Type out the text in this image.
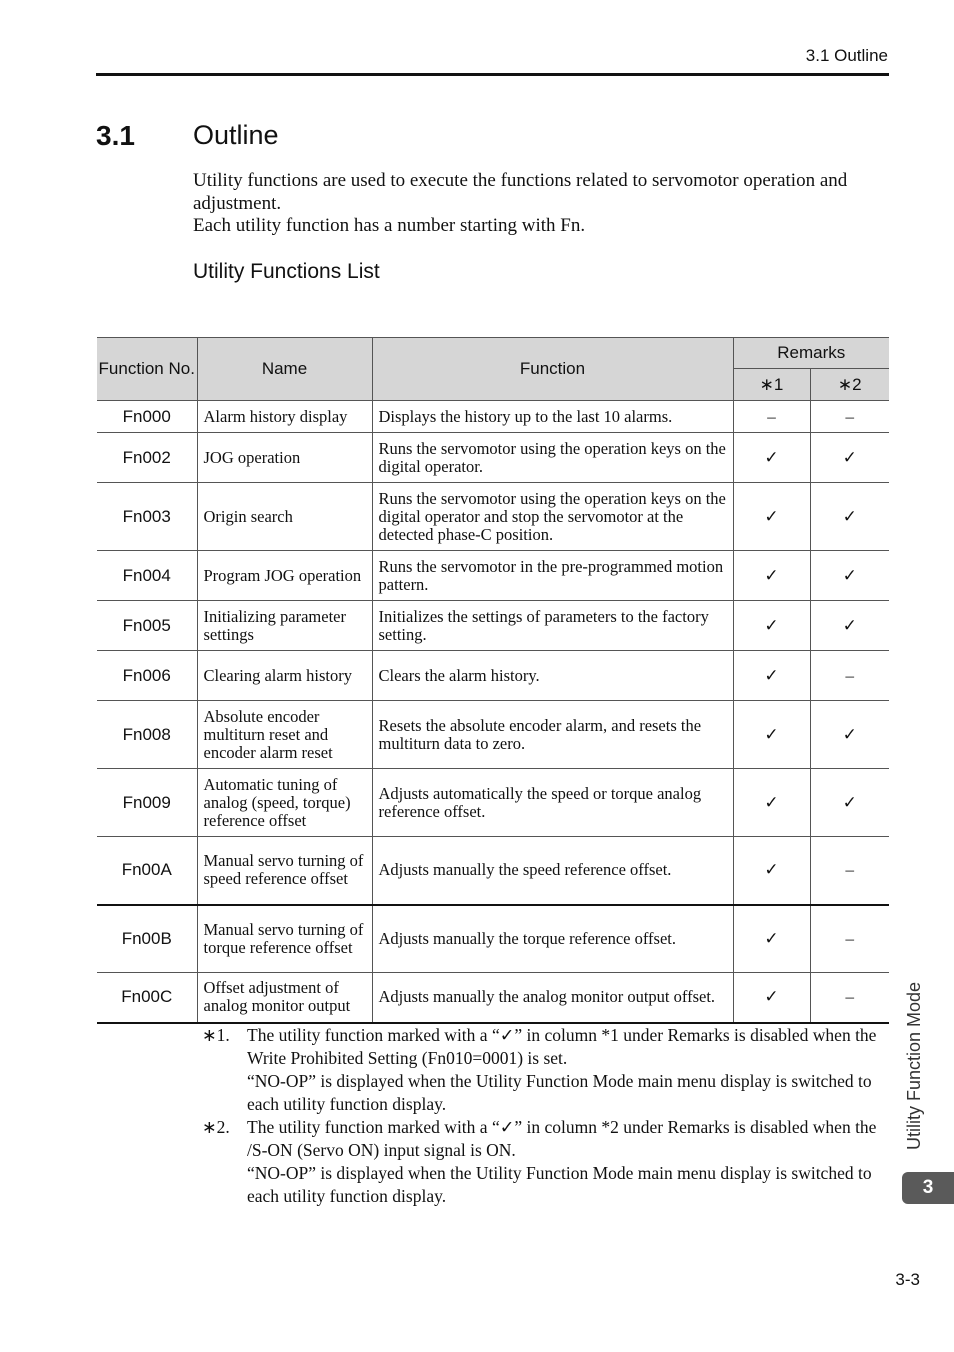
3.1 Outline
3.1 Outline

Utility functions are used to execute the functions related to servomotor operation and adjustment.

Each utility function has a number starting with Fn.

Utility Functions List
Function No.	Name	Function	Remarks	
			∗1	∗2
Fn000	Alarm history display	Displays the history up to the last 10 alarms.	–	–
Fn002	JOG operation	Runs the servomotor using the operation keys on the digital operator.	✓	✓
Fn003	Origin search	Runs the servomotor using the operation keys on the digital operator and stop the servomotor at the detected phase-C position.	✓	✓
Fn004	Program JOG operation	Runs the servomotor in the pre-programmed motion pattern.	✓	✓
Fn005	Initializing parameter settings	Initializes the settings of parameters to the factory setting.	✓	✓
Fn006	Clearing alarm history	Clears the alarm history.	✓	–
Fn008	Absolute encoder multiturn reset and encoder alarm reset	Resets the absolute encoder alarm, and resets the multiturn data to zero.	✓	✓
Fn009	Automatic tuning of analog (speed, torque) reference offset	Adjusts automatically the speed or torque analog reference offset.	✓	✓
Fn00A	Manual servo turning of speed reference offset	Adjusts manually the speed reference offset.	✓	–
Fn00B	Manual servo turning of torque reference offset	Adjusts manually the torque reference offset.	✓	–
Fn00C	Offset adjustment of analog monitor output	Adjusts manually the analog monitor output offset.	✓	–
∗1. The utility function marked with a “✓” in column *1 under Remarks is disabled when the Write Prohibited Setting (Fn010=0001) is set.

“NO-OP” is displayed when the Utility Function Mode main menu display is switched to each utility function display.

∗2. The utility function marked with a “✓” in column *2 under Remarks is disabled when the /S-ON (Servo ON) input signal is ON.

“NO-OP” is displayed when the Utility Function Mode main menu display is switched to each utility function display.

Utility Function Mode
3
3-3
